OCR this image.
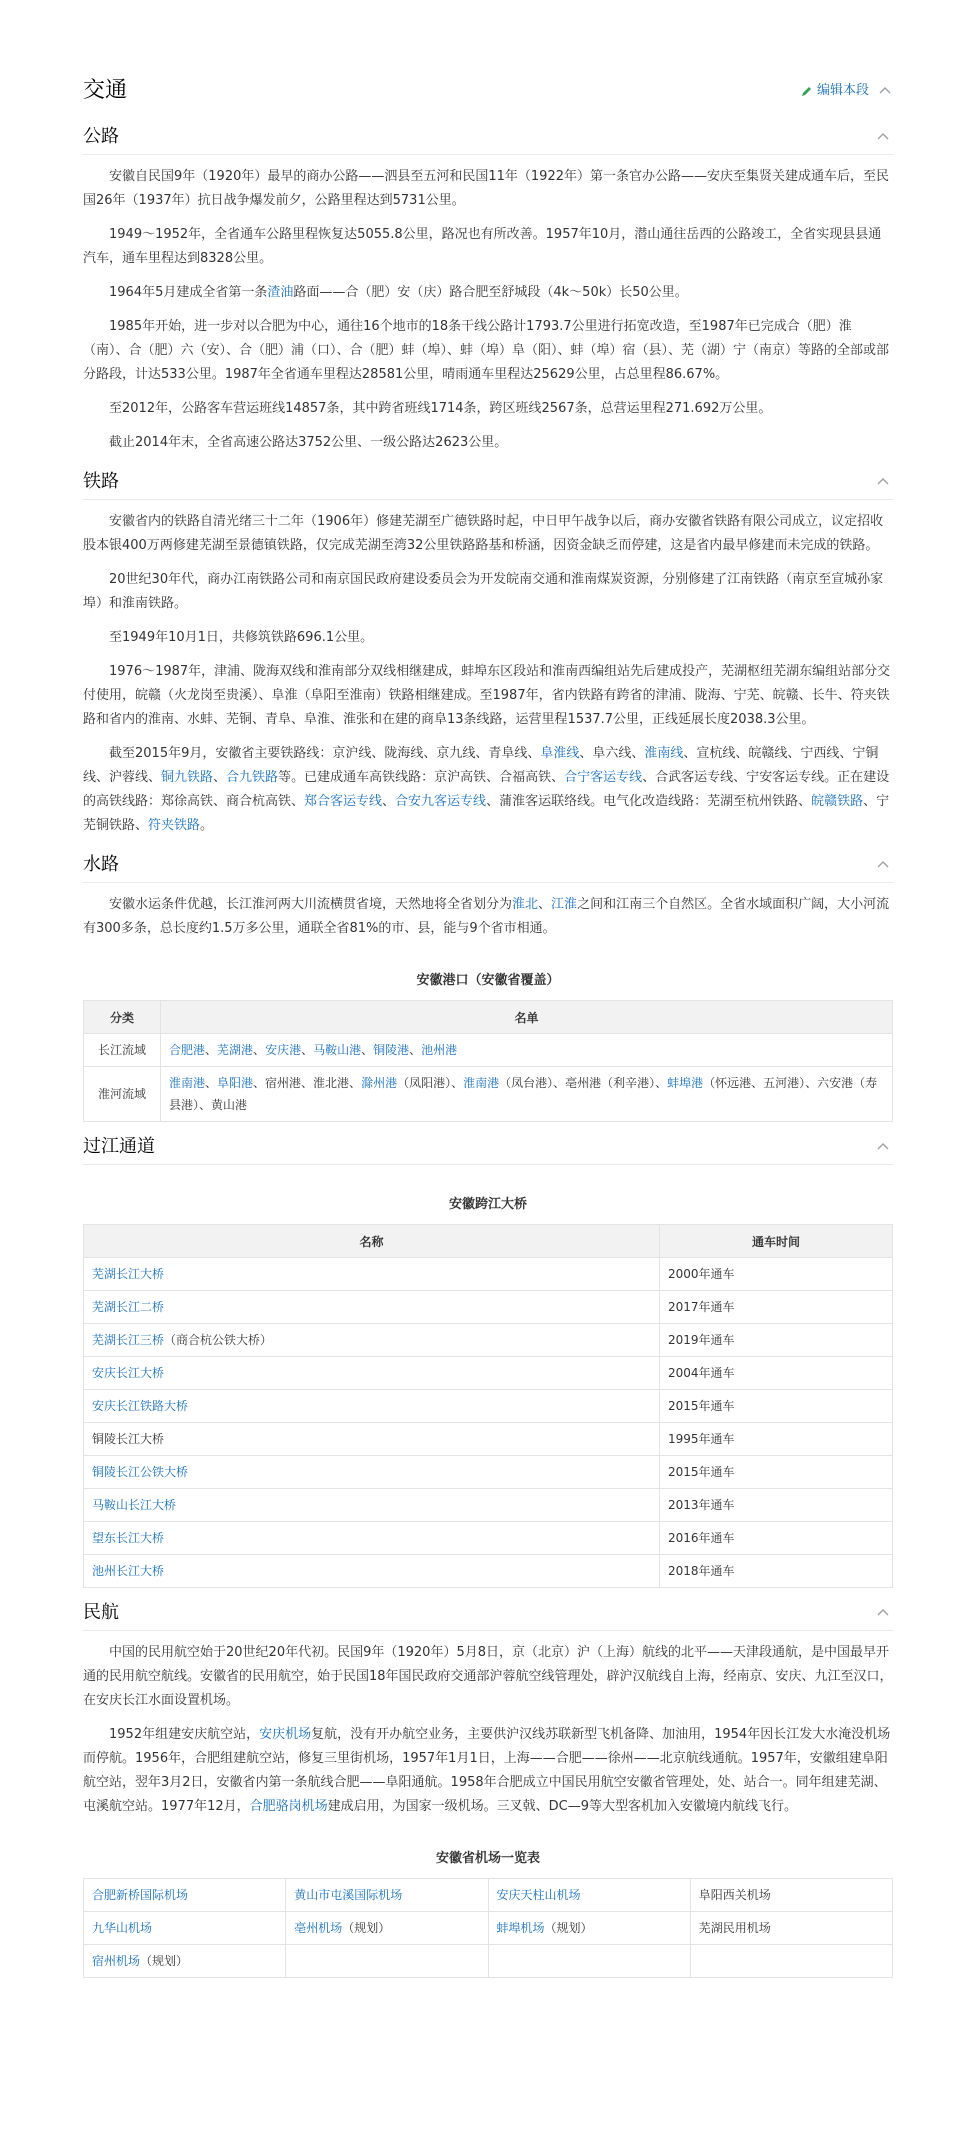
交通	编辑本段
公路

安徽自民国9年（1920年）最早的商办公路——泗县至五河和民国11年（1922年）第一条官办公路——安庆至集贤关建成通车后，至民国26年（1937年）抗日战争爆发前夕，公路里程达到5731公里。

1949～1952年，全省通车公路里程恢复达5055.8公里，路况也有所改善。1957年10月，潜山通往岳西的公路竣工，全省实现县县通汽车，通车里程达到8328公里。

1964年5月建成全省第一条渣油路面——合（肥）安（庆）路合肥至舒城段（4k～50k）长50公里。

1985年开始，进一步对以合肥为中心，通往16个地市的18条干线公路计1793.7公里进行拓宽改造，至1987年已完成合（肥）淮（南）、合（肥）六（安）、合（肥）浦（口）、合（肥）蚌（埠）、蚌（埠）阜（阳）、蚌（埠）宿（县）、芜（湖）宁（南京）等路的全部或部分路段，计达533公里。1987年全省通车里程达28581公里，晴雨通车里程达25629公里，占总里程86.67%。

至2012年，公路客车营运班线14857条，其中跨省班线1714条，跨区班线2567条，总营运里程271.692万公里。

截止2014年末，全省高速公路达3752公里、一级公路达2623公里。

铁路

安徽省内的铁路自清光绪三十二年（1906年）修建芜湖至广德铁路时起，中日甲午战争以后，商办安徽省铁路有限公司成立，议定招收股本银400万两修建芜湖至景德镇铁路，仅完成芜湖至湾32公里铁路路基和桥涵，因资金缺乏而停建，这是省内最早修建而未完成的铁路。

20世纪30年代，商办江南铁路公司和南京国民政府建设委员会为开发皖南交通和淮南煤炭资源，分别修建了江南铁路（南京至宣城孙家埠）和淮南铁路。

至1949年10月1日，共修筑铁路696.1公里。

1976～1987年，津浦、陇海双线和淮南部分双线相继建成，蚌埠东区段站和淮南西编组站先后建成投产，芜湖枢纽芜湖东编组站部分交付使用，皖赣（火龙岗至贵溪）、阜淮（阜阳至淮南）铁路相继建成。至1987年，省内铁路有跨省的津浦、陇海、宁芜、皖赣、长牛、符夹铁路和省内的淮南、水蚌、芜铜、青阜、阜淮、淮张和在建的商阜13条线路，运营里程1537.7公里，正线延展长度2038.3公里。

截至2015年9月，安徽省主要铁路线：京沪线、陇海线、京九线、青阜线、阜淮线、阜六线、淮南线、宣杭线、皖赣线、宁西线、宁铜线、沪蓉线、铜九铁路、合九铁路等。已建成通车高铁线路：京沪高铁、合福高铁、合宁客运专线、合武客运专线、宁安客运专线。正在建设的高铁线路：郑徐高铁、商合杭高铁、郑合客运专线、合安九客运专线、蒲淮客运联络线。电气化改造线路：芜湖至杭州铁路、皖赣铁路、宁芜铜铁路、符夹铁路。

水路

安徽水运条件优越，长江淮河两大川流横贯省境，天然地将全省划分为淮北、江淮之间和江南三个自然区。全省水域面积广阔，大小河流有300多条，总长度约1.5万多公里，通联全省81%的市、县，能与9个省市相通。

安徽港口（安徽省覆盖）
分类	名单
长江流域	合肥港、芜湖港、安庆港、马鞍山港、铜陵港、池州港
淮河流域	淮南港、阜阳港、宿州港、淮北港、滁州港（凤阳港）、淮南港（凤台港）、亳州港（利辛港）、蚌埠港（怀远港、五河港）、六安港（寿县港）、黄山港
过江通道
安徽跨江大桥
名称	通车时间
芜湖长江大桥	2000年通车
芜湖长江二桥	2017年通车
芜湖长江三桥（商合杭公铁大桥）	2019年通车
安庆长江大桥	2004年通车
安庆长江铁路大桥	2015年通车
铜陵长江大桥	1995年通车
铜陵长江公铁大桥	2015年通车
马鞍山长江大桥	2013年通车
望东长江大桥	2016年通车
池州长江大桥	2018年通车
民航

中国的民用航空始于20世纪20年代初。民国9年（1920年）5月8日，京（北京）沪（上海）航线的北平——天津段通航，是中国最早开通的民用航空航线。安徽省的民用航空，始于民国18年国民政府交通部沪蓉航空线管理处，辟沪汉航线自上海，经南京、安庆、九江至汉口，在安庆长江水面设置机场。

1952年组建安庆航空站，安庆机场复航，没有开办航空业务，主要供沪汉线苏联新型飞机备降、加油用，1954年因长江发大水淹没机场而停航。1956年，合肥组建航空站，修复三里街机场，1957年1月1日，上海——合肥——徐州——北京航线通航。1957年，安徽组建阜阳航空站，翌年3月2日，安徽省内第一条航线合肥——阜阳通航。1958年合肥成立中国民用航空安徽省管理处，处、站合一。同年组建芜湖、屯溪航空站。1977年12月，合肥骆岗机场建成启用，为国家一级机场。三叉戟、DC—9等大型客机加入安徽境内航线飞行。

安徽省机场一览表
合肥新桥国际机场	黄山市屯溪国际机场	安庆天柱山机场	阜阳西关机场
九华山机场	亳州机场（规划）	蚌埠机场（规划）	芜湖民用机场
宿州机场（规划）			
